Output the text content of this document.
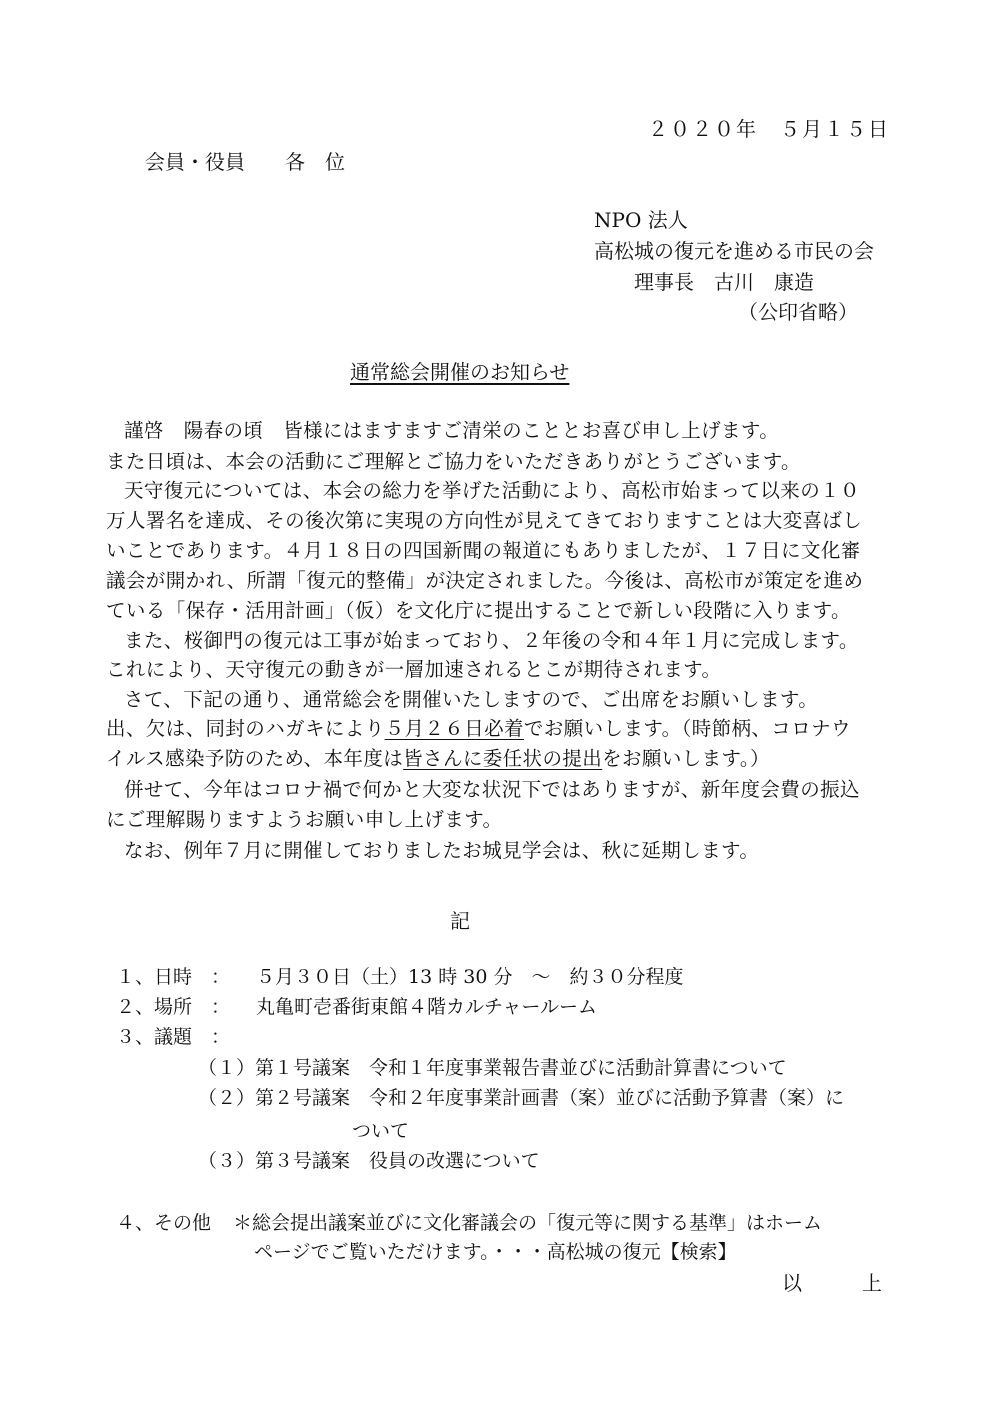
２０２０年　５月１５日
会員・役員　　各　位
NPO 法人
高松城の復元を進める市民の会
理事長　古川　康造
（公印省略）
通常総会開催のお知らせ
謹啓　陽春の頃　皆様にはますますご清栄のこととお喜び申し上げます。
また日頃は、本会の活動にご理解とご協力をいただきありがとうございます。
天守復元については、本会の総力を挙げた活動により、高松市始まって以来の１０
万人署名を達成、その後次第に実現の方向性が見えてきておりますことは大変喜ばし
いことであります。４月１８日の四国新聞の報道にもありましたが、１７日に文化審
議会が開かれ、所謂「復元的整備」が決定されました。今後は、高松市が策定を進め
ている「保存・活用計画」（仮）を文化庁に提出することで新しい段階に入ります。
また、桜御門の復元は工事が始まっており、２年後の令和４年１月に完成します。
これにより、天守復元の動きが一層加速されるとこが期待されます。
さて、下記の通り、通常総会を開催いたしますので、ご出席をお願いします。
出、欠は、同封のハガキにより５月２６日必着でお願いします。（時節柄、コロナウ
イルス感染予防のため、本年度は皆さんに委任状の提出をお願いします。）
併せて、今年はコロナ禍で何かと大変な状況下ではありますが、新年度会費の振込
にご理解賜りますようお願い申し上げます。
なお、例年７月に開催しておりましたお城見学会は、秋に延期します。
記
１、日時　： ５月３０日（土）13 時 30 分　～　約３０分程度
２、場所　： 丸亀町壱番街東館４階カルチャールーム
３、議題　：
（１）第１号議案　令和１年度事業報告書並びに活動計算書について
（２）第２号議案　令和２年度事業計画書（案）並びに活動予算書（案）に
ついて
（３）第３号議案　役員の改選について
４、その他 ＊総会提出議案並びに文化審議会の「復元等に関する基準」はホーム
ページでご覧いただけます。・・・高松城の復元【検索】
以　上
